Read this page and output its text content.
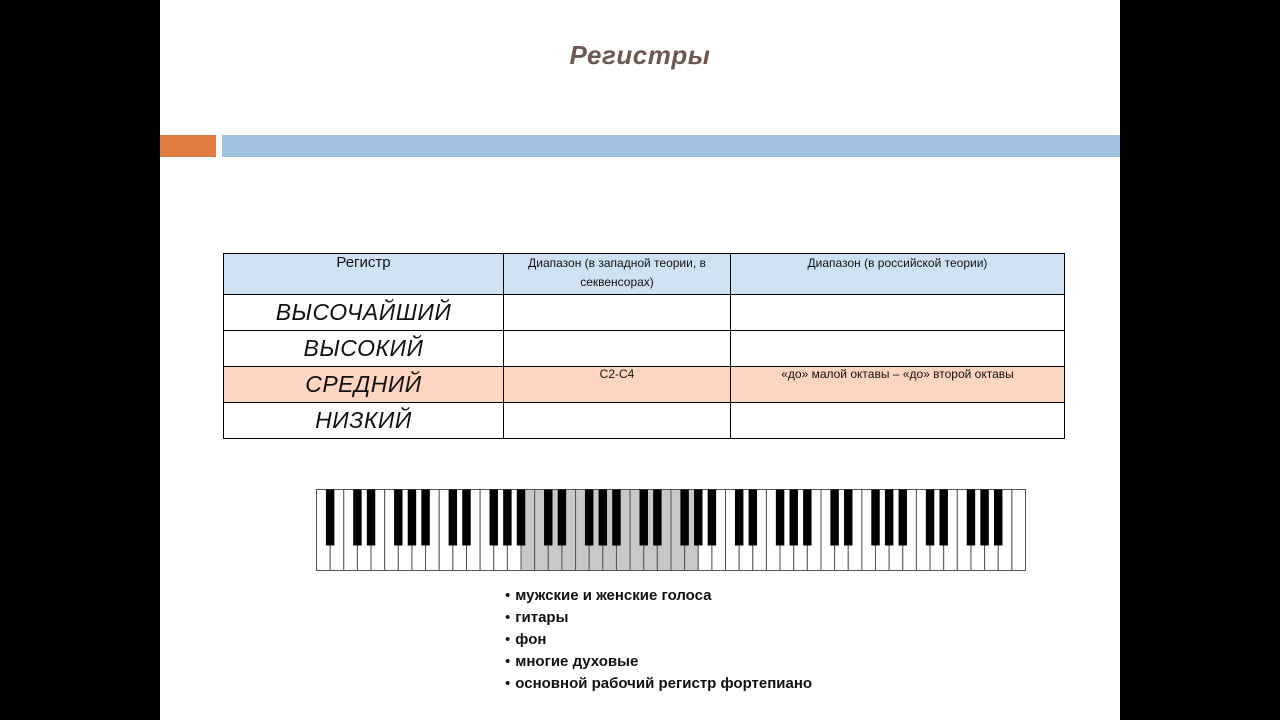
Регистры
Регистр	Диапазон (в западной теории, в секвенсорах)	Диапазон (в российской теории)
ВЫСОЧАЙШИЙ		
ВЫСОКИЙ		
СРЕДНИЙ	C2-C4	«до» малой октавы – «до» второй октавы
НИЗКИЙ		
• мужские и женские голоса
• гитары
• фон
• многие духовые
• основной рабочий регистр фортепиано
